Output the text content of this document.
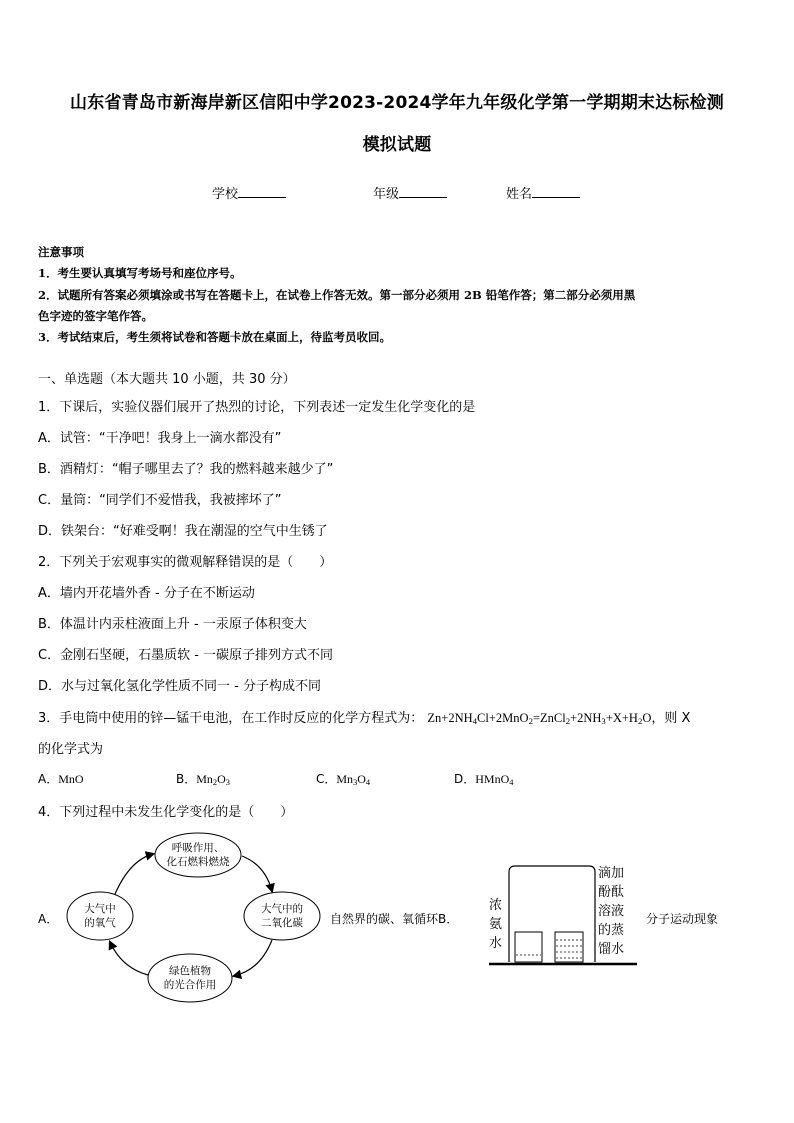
山东省青岛市新海岸新区信阳中学2023-2024学年九年级化学第一学期期末达标检测
模拟试题
学校	年级	姓名
注意事项
1．考生要认真填写考场号和座位序号。
2．试题所有答案必须填涂或书写在答题卡上，在试卷上作答无效。第一部分必须用 2B 铅笔作答；第二部分必须用黑
色字迹的签字笔作答。
3．考试结束后，考生须将试卷和答题卡放在桌面上，待监考员收回。
一、单选题（本大题共 10 小题，共 30 分）
1．下课后，实验仪器们展开了热烈的讨论，下列表述一定发生化学变化的是
A．试管：“干净吧！我身上一滴水都没有”
B．酒精灯：“帽子哪里去了？我的燃料越来越少了”
C．量筒：“同学们不爱惜我，我被摔坏了”
D．铁架台：“好难受啊！我在潮湿的空气中生锈了
2．下列关于宏观事实的微观解释错误的是（　　）
A．墙内开花墙外香 - 分子在不断运动
B．体温计内汞柱液面上升 - 一汞原子体积变大
C．金刚石坚硬，石墨质软 - 一碳原子排列方式不同
D．水与过氧化氢化学性质不同一 - 分子构成不同
3．手电筒中使用的锌—锰干电池，在工作时反应的化学方程式为： $Zn+2NH_4Cl+2MnO_2=ZnCl_2+2NH_3+X+H_2O$，则 X
的化学式为
A．MnO	B．$Mn_2O_3$	C．$Mn_3O_4$	D．HMnO$_4$
4．下列过程中未发生化学变化的是（　　）
A．
呼吸作用、
化石燃料燃烧
大气中
的氧气
大气中的
二氧化碳
绿色植物
的光合作用
自然界的碳、氧循环B．
浓
氨
水
滴加
酚酞
溶液
的蒸
馏水
分子运动现象
